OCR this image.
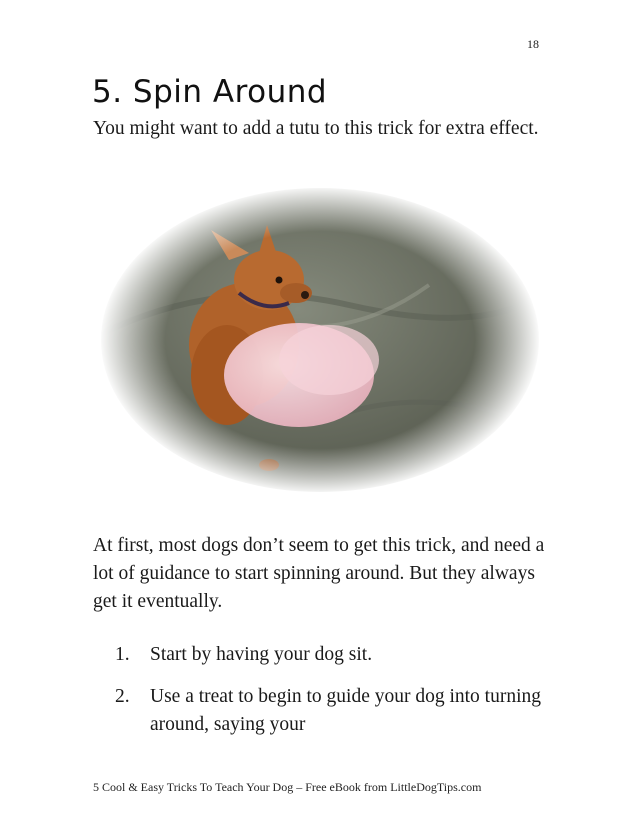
18
5. Spin Around

You might want to add a tutu to this trick for extra effect.

At first, most dogs don’t seem to get this trick, and need a lot of guidance to start spinning around. But they always get it eventually.

1. Start by having your dog sit.
2. Use a treat to begin to guide your dog into turning around, saying your
5 Cool & Easy Tricks To Teach Your Dog – Free eBook from LittleDogTips.com
